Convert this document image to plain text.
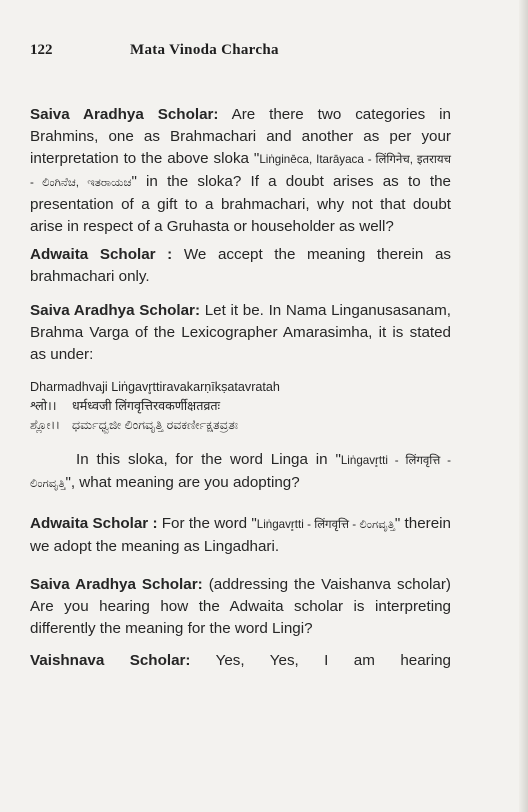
122	Mata Vinoda Charcha

Saiva Aradhya Scholar: Are there two categories in Brahmins, one as Brahmachari and another as per your interpretation to the above sloka "Liṅginēca, Itarāyaca - लिंगिनेच, इतरायच - ಲಿಂಗಿನೆಚ, ಇತರಾಯಚ" in the sloka? If a doubt arises as to the presentation of a gift to a brahmachari, why not that doubt arise in respect of a Gruhasta or householder as well?

Adwaita Scholar : We accept the meaning therein as brahmachari only.

Saiva Aradhya Scholar: Let it be. In Nama Linganusasanam, Brahma Varga of the Lexicographer Amarasimha, it is stated as under:

Dharmadhvaji Liṅgavr̥ttiravakarṇīkṣatavratah
श्लो।। धर्मध्वजी लिंगवृत्तिरवकर्णीक्षतव्रतः
ಶ್ಲೋ।। ಧರ್ಮಧ್ವಜೀ ಲಿಂಗವೃತ್ತಿ ರವಕರ್ಣೀಕ್ಷತವ್ರತಃ

In this sloka, for the word Linga in "Liṅgavr̥tti - लिंगवृत्ति - ಲಿಂಗವೃತ್ತಿ", what meaning are you adopting?

Adwaita Scholar : For the word "Liṅgavr̥tti - लिंगवृत्ति - ಲಿಂಗವೃತ್ತಿ" therein we adopt the meaning as Lingadhari.

Saiva Aradhya Scholar: (addressing the Vaishanva scholar) Are you hearing how the Adwaita scholar is interpreting differently the meaning for the word Lingi?

Vaishnava Scholar: Yes, Yes, I am hearing
